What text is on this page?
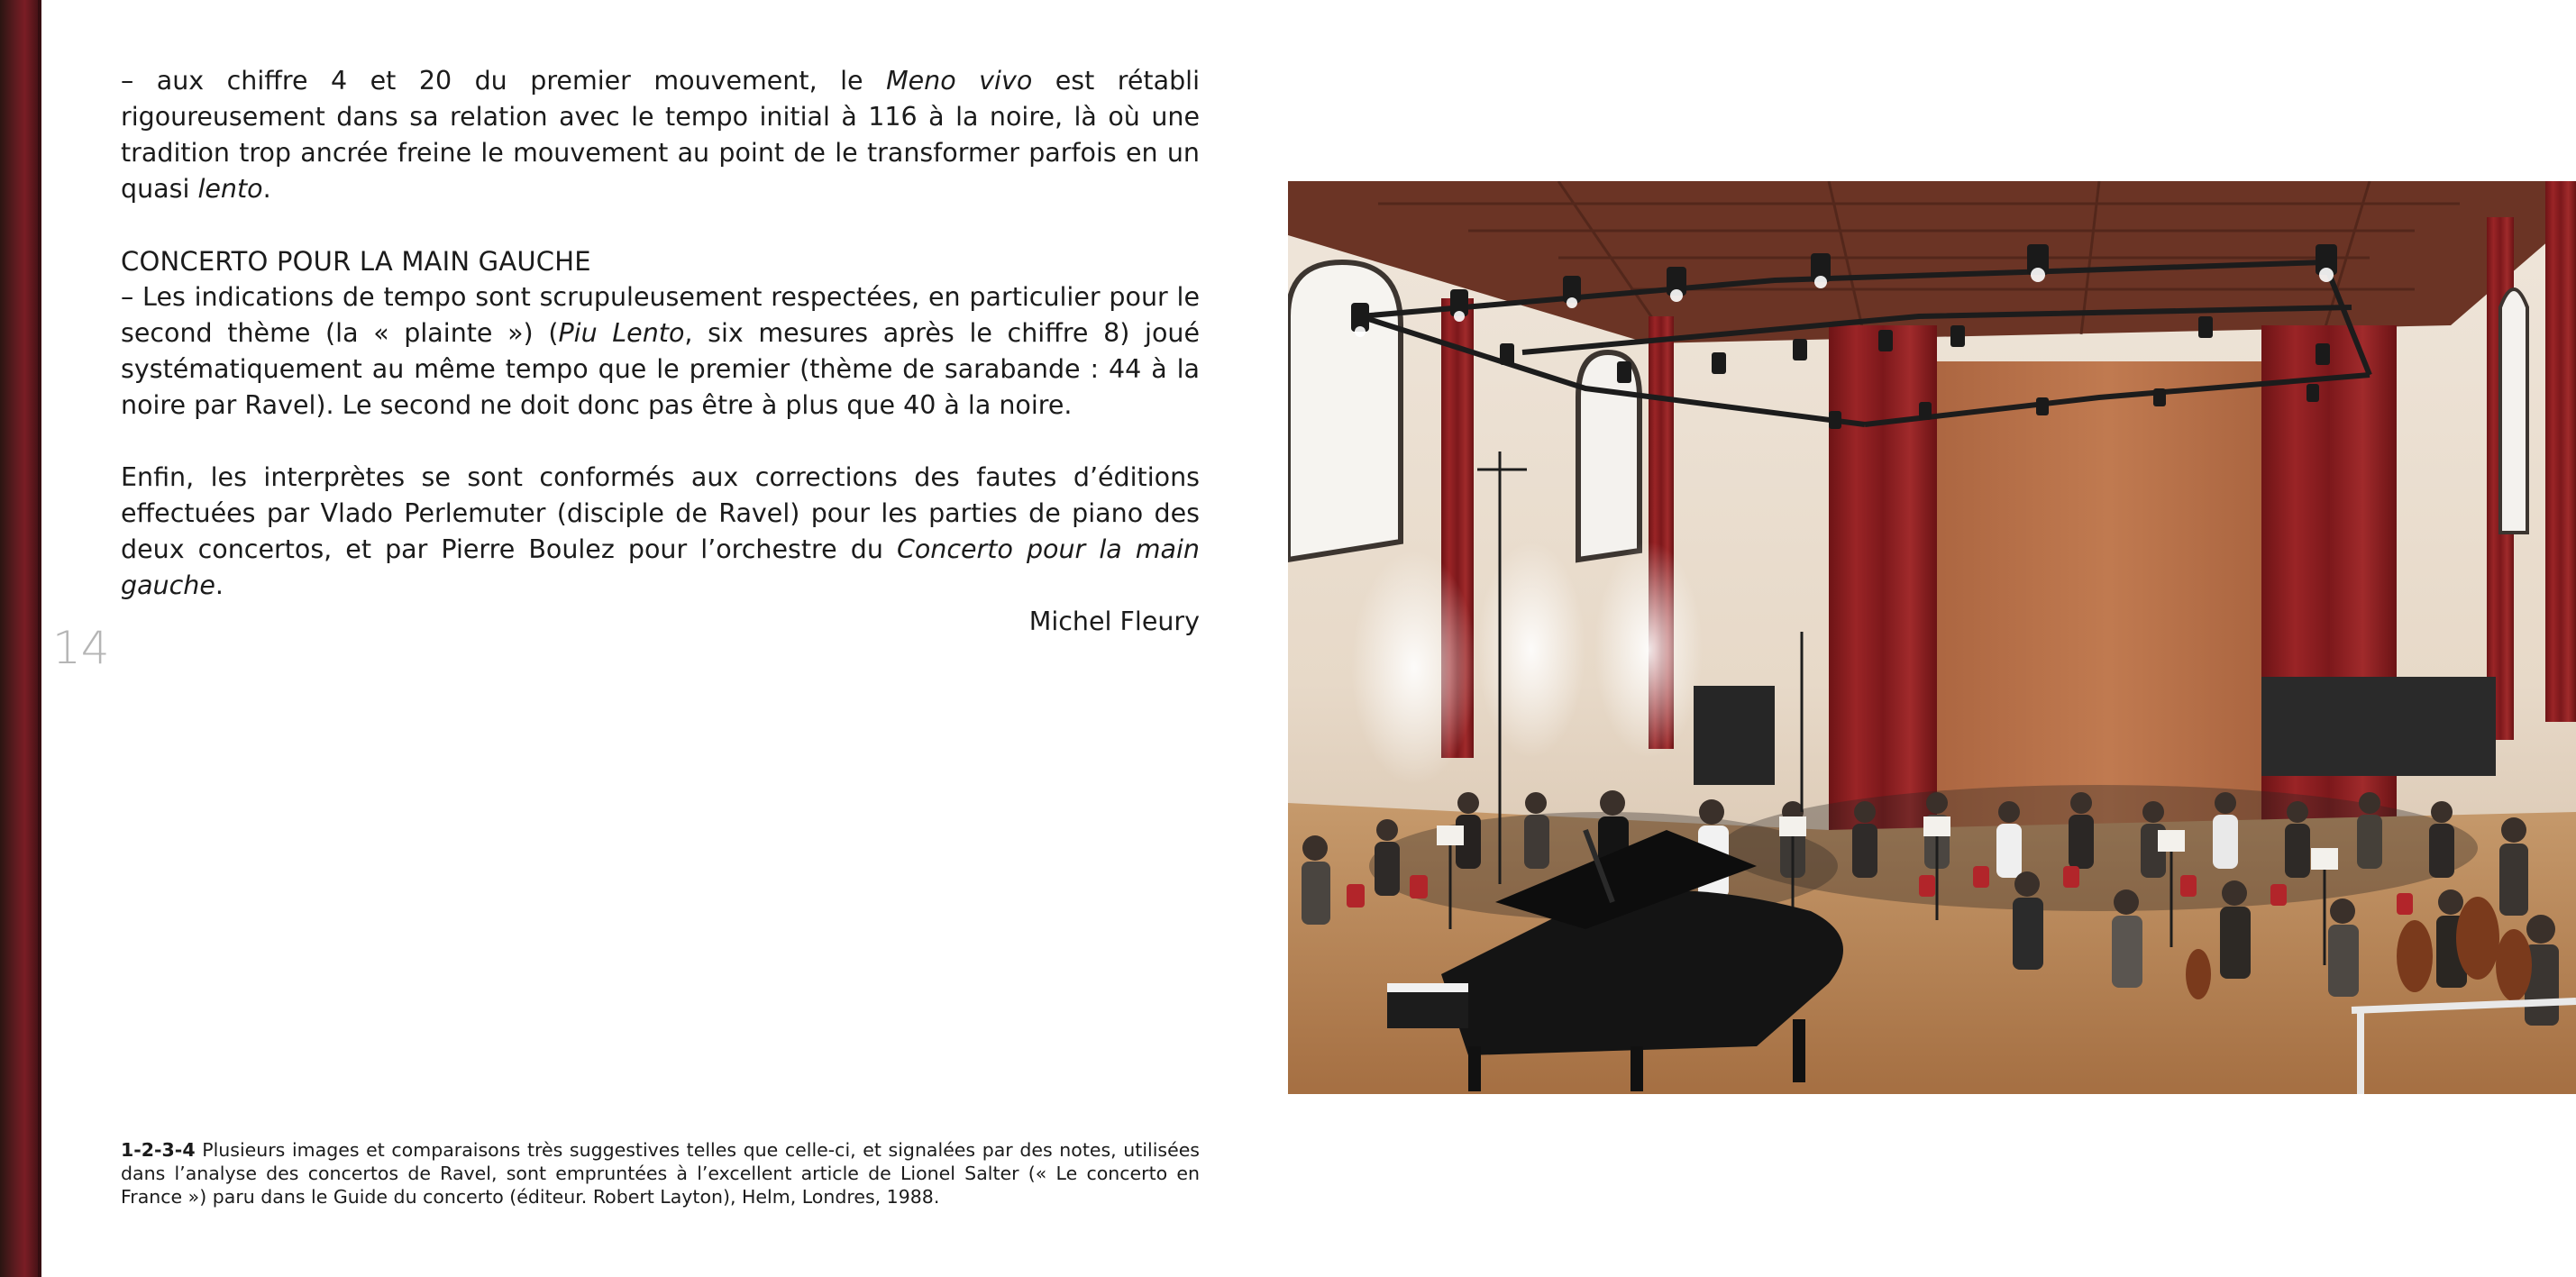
14

– aux chiffre 4 et 20 du premier mouvement, le Meno vivo est rétabli rigoureusement dans sa relation avec le tempo initial à 116 à la noire, là où une tradition trop ancrée freine le mouvement au point de le transformer parfois en un quasi lento.

CONCERTO POUR LA MAIN GAUCHE

– Les indications de tempo sont scrupuleusement respectées, en particulier pour le second thème (la « plainte ») (Piu Lento, six mesures après le chiffre 8) joué systématiquement au même tempo que le premier (thème de sarabande : 44 à la noire par Ravel). Le second ne doit donc pas être à plus que 40 à la noire.

Enfin, les interprètes se sont conformés aux corrections des fautes d’éditions effectuées par Vlado Perlemuter (disciple de Ravel) pour les parties de piano des deux concertos, et par Pierre Boulez pour l’orchestre du Concerto pour la main gauche.

Michel Fleury

1-2-3-4 Plusieurs images et comparaisons très suggestives telles que celle-ci, et signalées par des notes, utilisées dans l’analyse des concertos de Ravel, sont empruntées à l’excellent article de Lionel Salter (« Le concerto en France ») paru dans le Guide du concerto (éditeur. Robert Layton), Helm, Londres, 1988.
